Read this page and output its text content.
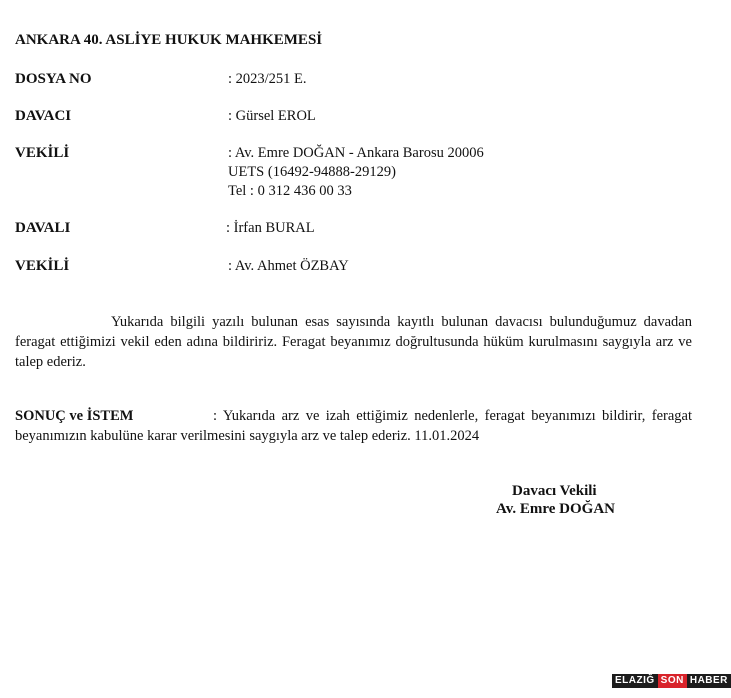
ANKARA 40. ASLİYE HUKUK MAHKEMESİ
DOSYA NO	: 2023/251 E.
DAVACI	: Gürsel EROL
VEKİLİ	: Av. Emre DOĞAN - Ankara Barosu 20006
UETS (16492-94888-29129)
Tel : 0 312 436 00 33
DAVALI	: İrfan BURAL
VEKİLİ	: Av. Ahmet ÖZBAY
Yukarıda bilgili yazılı bulunan esas sayısında kayıtlı bulunan davacısı bulunduğumuz davadan feragat ettiğimizi vekil eden adına bildiririz. Feragat beyanımız doğrultusunda hüküm kurulmasını saygıyla arz ve talep ederiz.
SONUÇ ve İSTEM	: Yukarıda arz ve izah ettiğimiz nedenlerle, feragat beyanımızı bildirir, feragat beyanımızın kabulüne karar verilmesini saygıyla arz ve talep ederiz. 11.01.2024
Davacı Vekili
Av. Emre DOĞAN
ELAZIĞ SON HABER
